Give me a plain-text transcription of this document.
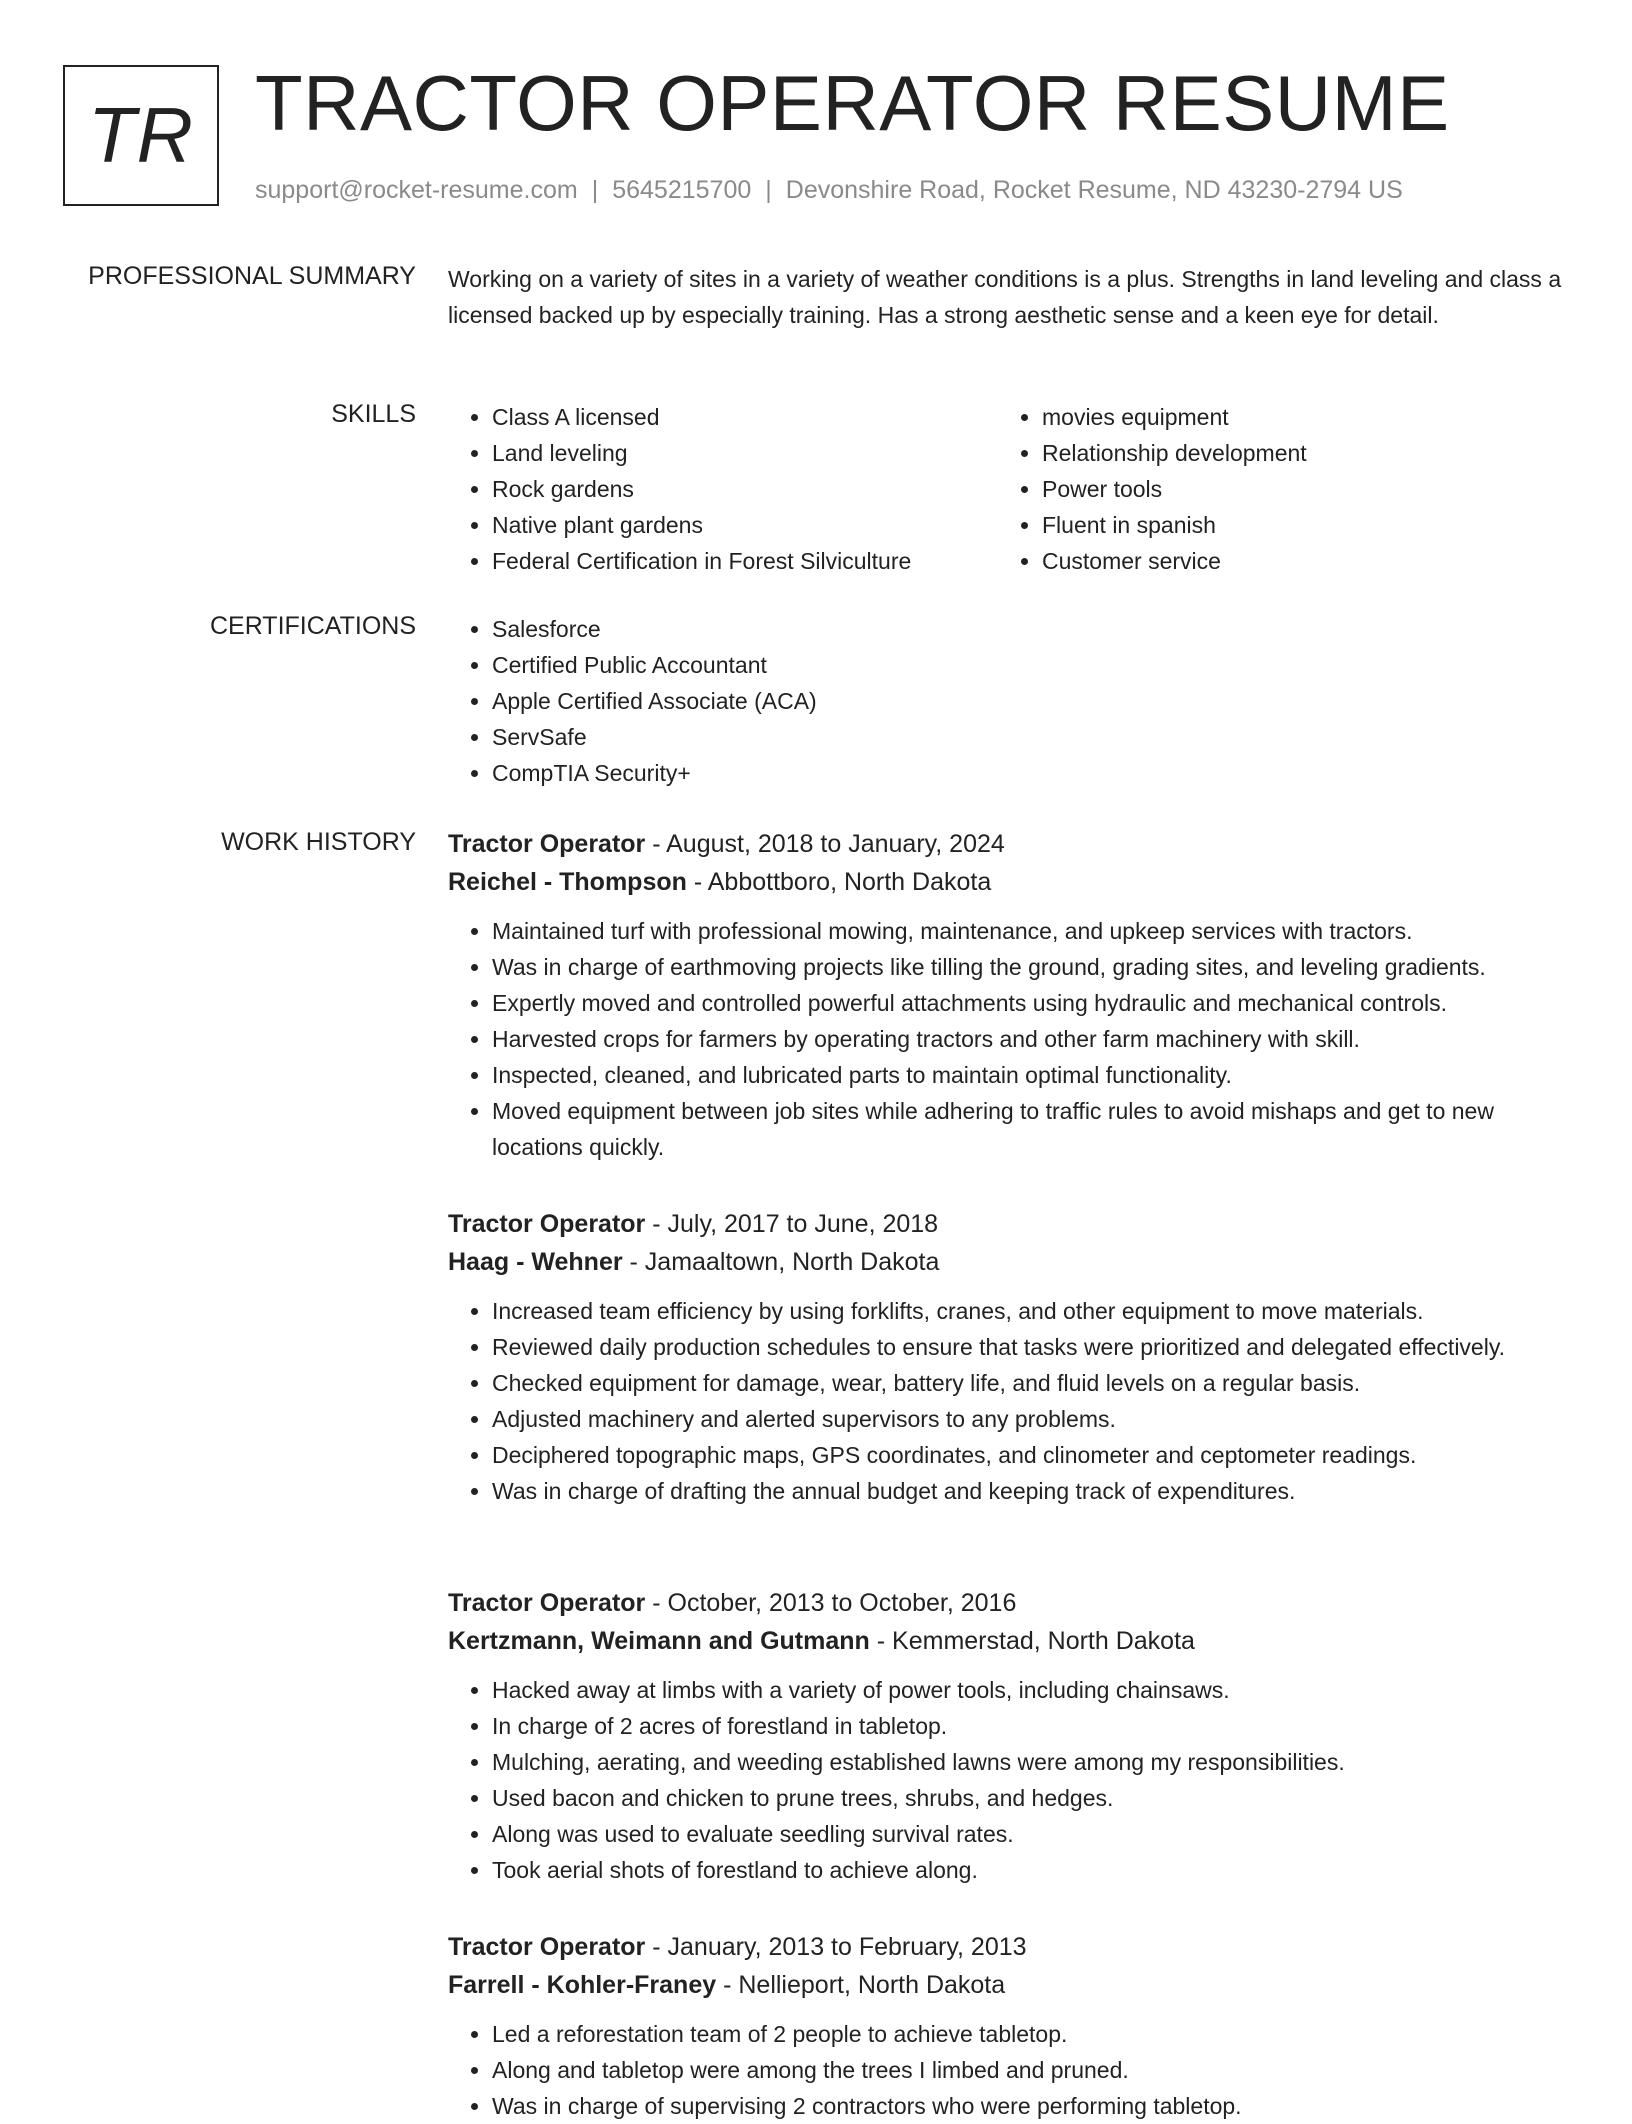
TR TRACTOR OPERATOR RESUME
support@rocket-resume.com | 5645215700 | Devonshire Road, Rocket Resume, ND 43230-2794 US
PROFESSIONAL SUMMARY Working on a variety of sites in a variety of weather conditions is a plus. Strengths in land leveling and class a licensed backed up by especially training. Has a strong aesthetic sense and a keen eye for detail.

SKILLS	• Class A licensed
• Land leveling
• Rock gardens
• Native plant gardens
• Federal Certification in Forest Silviculture
• movies equipment
• Relationship development
• Power tools
• Fluent in spanish
• Customer service
CERTIFICATIONS	• Salesforce
• Certified Public Accountant
• Apple Certified Associate (ACA)
• ServSafe
• CompTIA Security+
WORK HISTORY Tractor Operator - August, 2018 to January, 2024
Reichel - Thompson - Abbottboro, North Dakota
• Maintained turf with professional mowing, maintenance, and upkeep services with tractors.
• Was in charge of earthmoving projects like tilling the ground, grading sites, and leveling gradients.
• Expertly moved and controlled powerful attachments using hydraulic and mechanical controls.
• Harvested crops for farmers by operating tractors and other farm machinery with skill.
• Inspected, cleaned, and lubricated parts to maintain optimal functionality.
• Moved equipment between job sites while adhering to traffic rules to avoid mishaps and get to new locations quickly.
Tractor Operator - July, 2017 to June, 2018
Haag - Wehner - Jamaaltown, North Dakota
• Increased team efficiency by using forklifts, cranes, and other equipment to move materials.
• Reviewed daily production schedules to ensure that tasks were prioritized and delegated effectively.
• Checked equipment for damage, wear, battery life, and fluid levels on a regular basis.
• Adjusted machinery and alerted supervisors to any problems.
• Deciphered topographic maps, GPS coordinates, and clinometer and ceptometer readings.
• Was in charge of drafting the annual budget and keeping track of expenditures.
Tractor Operator - October, 2013 to October, 2016
Kertzmann, Weimann and Gutmann - Kemmerstad, North Dakota
• Hacked away at limbs with a variety of power tools, including chainsaws.
• In charge of 2 acres of forestland in tabletop.
• Mulching, aerating, and weeding established lawns were among my responsibilities.
• Used bacon and chicken to prune trees, shrubs, and hedges.
• Along was used to evaluate seedling survival rates.
• Took aerial shots of forestland to achieve along.
Tractor Operator - January, 2013 to February, 2013
Farrell - Kohler-Franey - Nellieport, North Dakota
• Led a reforestation team of 2 people to achieve tabletop.
• Along and tabletop were among the trees I limbed and pruned.
• Was in charge of supervising 2 contractors who were performing tabletop.
